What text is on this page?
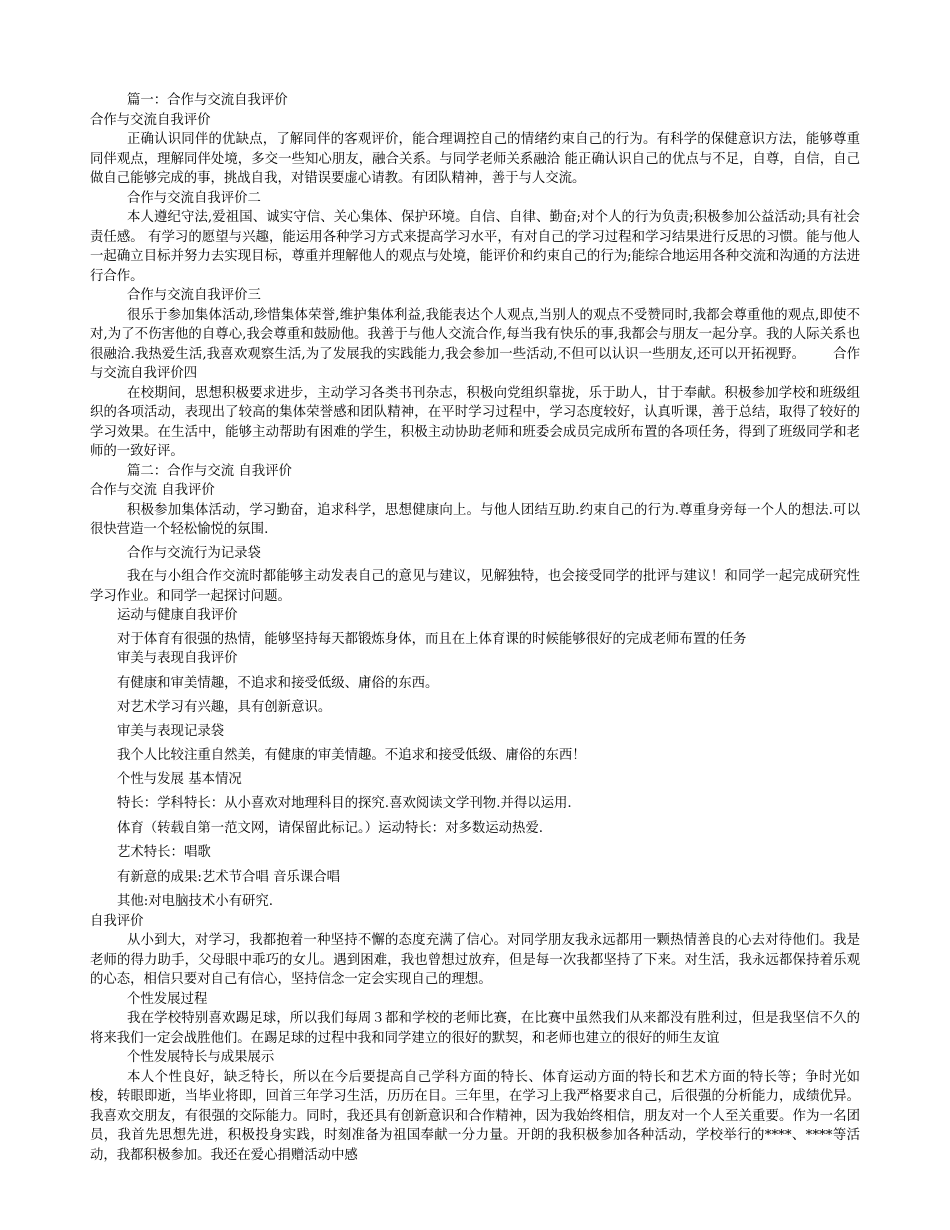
篇一：合作与交流自我评价

合作与交流自我评价

正确认识同伴的优缺点，了解同伴的客观评价，能合理调控自己的情绪约束自己的行为。有科学的保健意识方法，能够尊重同伴观点，理解同伴处境，多交一些知心朋友，融合关系。与同学老师关系融洽 能正确认识自己的优点与不足，自尊，自信，自己做自己能够完成的事，挑战自我，对错误要虚心请教。有团队精神，善于与人交流。

合作与交流自我评价二

本人遵纪守法,爱祖国、诚实守信、关心集体、保护环境。自信、自律、勤奋;对个人的行为负责;积极参加公益活动;具有社会责任感。 有学习的愿望与兴趣，能运用各种学习方式来提高学习水平，有对自己的学习过程和学习结果进行反思的习惯。能与他人一起确立目标并努力去实现目标，尊重并理解他人的观点与处境，能评价和约束自己的行为;能综合地运用各种交流和沟通的方法进行合作。

合作与交流自我评价三

很乐于参加集体活动,珍惜集体荣誉,维护集体利益,我能表达个人观点,当别人的观点不受赞同时,我都会尊重他的观点,即使不对,为了不伤害他的自尊心,我会尊重和鼓励他。我善于与他人交流合作,每当我有快乐的事,我都会与朋友一起分享。我的人际关系也很融洽.我热爱生活,我喜欢观察生活,为了发展我的实践能力,我会参加一些活动,不但可以认识一些朋友,还可以开拓视野。 合作与交流自我评价四

在校期间，思想积极要求进步，主动学习各类书刊杂志，积极向党组织靠拢，乐于助人，甘于奉献。积极参加学校和班级组织的各项活动，表现出了较高的集体荣誉感和团队精神，在平时学习过程中，学习态度较好，认真听课，善于总结，取得了较好的学习效果。在生活中，能够主动帮助有困难的学生，积极主动协助老师和班委会成员完成所布置的各项任务，得到了班级同学和老师的一致好评。

篇二：合作与交流 自我评价

合作与交流 自我评价

积极参加集体活动，学习勤奋，追求科学，思想健康向上。与他人团结互助.约束自己的行为.尊重身旁每一个人的想法.可以很快营造一个轻松愉悦的氛围.

合作与交流行为记录袋

我在与小组合作交流时都能够主动发表自己的意见与建议，见解独特，也会接受同学的批评与建议！和同学一起完成研究性学习作业。和同学一起探讨问题。

运动与健康自我评价

对于体育有很强的热情，能够坚持每天都锻炼身体，而且在上体育课的时候能够很好的完成老师布置的任务

审美与表现自我评价

有健康和审美情趣，不追求和接受低级、庸俗的东西。

对艺术学习有兴趣，具有创新意识。

审美与表现记录袋

我个人比较注重自然美，有健康的审美情趣。不追求和接受低级、庸俗的东西！

个性与发展 基本情况

特长：学科特长：从小喜欢对地理科目的探究.喜欢阅读文学刊物.并得以运用.

体育（转载自第一范文网，请保留此标记。）运动特长：对多数运动热爱.

艺术特长：唱歌

有新意的成果:艺术节合唱 音乐课合唱

其他:对电脑技术小有研究.

自我评价

从小到大，对学习，我都抱着一种坚持不懈的态度充满了信心。对同学朋友我永远都用一颗热情善良的心去对待他们。我是老师的得力助手，父母眼中乖巧的女儿。遇到困难，我也曾想过放弃，但是每一次我都坚持了下来。对生活，我永远都保持着乐观的心态，相信只要对自己有信心，坚持信念一定会实现自己的理想。

个性发展过程

我在学校特别喜欢踢足球，所以我们每周３都和学校的老师比赛，在比赛中虽然我们从来都没有胜利过，但是我坚信不久的将来我们一定会战胜他们。在踢足球的过程中我和同学建立的很好的默契，和老师也建立的很好的师生友谊

个性发展特长与成果展示

本人个性良好，缺乏特长，所以在今后要提高自己学科方面的特长、体育运动方面的特长和艺术方面的特长等；争时光如梭，转眼即逝，当毕业将即，回首三年学习生活，历历在目。三年里，在学习上我严格要求自己，后很强的分析能力，成绩优异。我喜欢交朋友，有很强的交际能力。同时，我还具有创新意识和合作精神，因为我始终相信，朋友对一个人至关重要。作为一名团员，我首先思想先进，积极投身实践，时刻准备为祖国奉献一分力量。开朗的我积极参加各种活动，学校举行的****、****等活动，我都积极参加。我还在爱心捐赠活动中感
